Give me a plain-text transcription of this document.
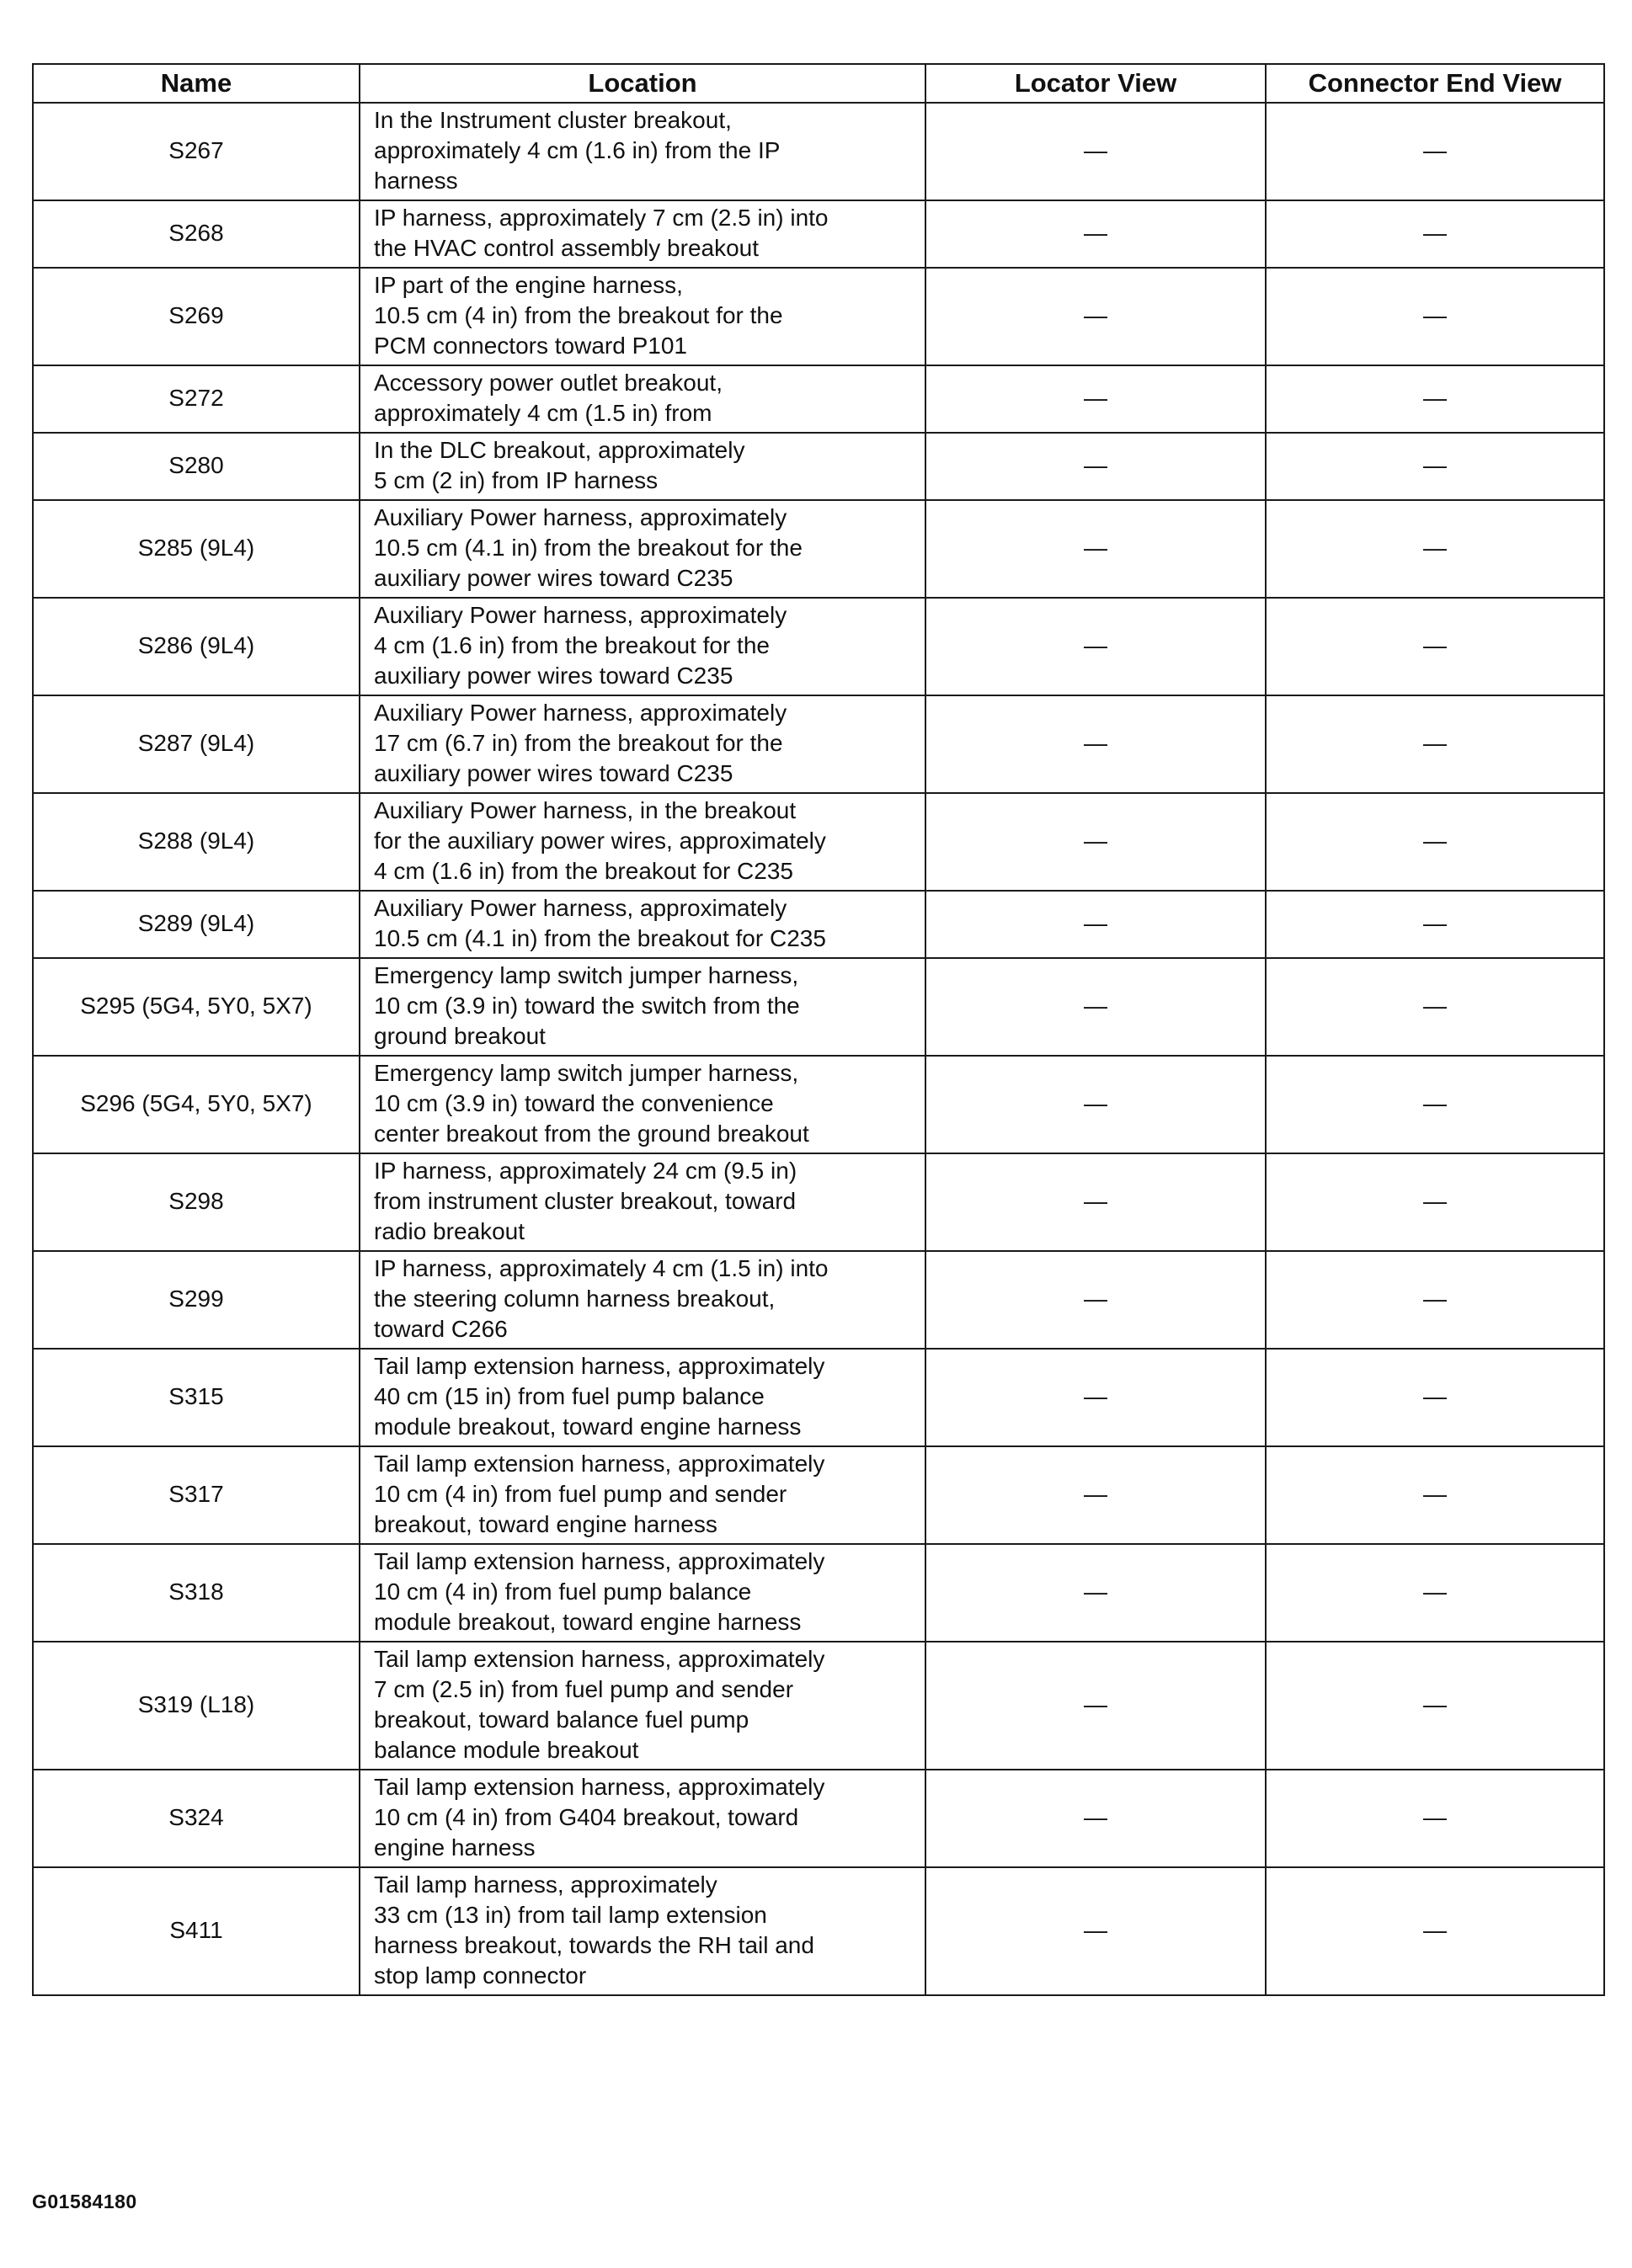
Name	Location	Locator View	Connector End View
S267	In the Instrument cluster breakout,
approximately 4 cm (1.6 in) from the IP
harness	—	—
S268	IP harness, approximately 7 cm (2.5 in) into
the HVAC control assembly breakout	—	—
S269	IP part of the engine harness,
10.5 cm (4 in) from the breakout for the
PCM connectors toward P101	—	—
S272	Accessory power outlet breakout,
approximately 4 cm (1.5 in) from	—	—
S280	In the DLC breakout, approximately
5 cm (2 in) from IP harness	—	—
S285 (9L4)	Auxiliary Power harness, approximately
10.5 cm (4.1 in) from the breakout for the
auxiliary power wires toward C235	—	—
S286 (9L4)	Auxiliary Power harness, approximately
4 cm (1.6 in) from the breakout for the
auxiliary power wires toward C235	—	—
S287 (9L4)	Auxiliary Power harness, approximately
17 cm (6.7 in) from the breakout for the
auxiliary power wires toward C235	—	—
S288 (9L4)	Auxiliary Power harness, in the breakout
for the auxiliary power wires, approximately
4 cm (1.6 in) from the breakout for C235	—	—
S289 (9L4)	Auxiliary Power harness, approximately
10.5 cm (4.1 in) from the breakout for C235	—	—
S295 (5G4, 5Y0, 5X7)	Emergency lamp switch jumper harness,
10 cm (3.9 in) toward the switch from the
ground breakout	—	—
S296 (5G4, 5Y0, 5X7)	Emergency lamp switch jumper harness,
10 cm (3.9 in) toward the convenience
center breakout from the ground breakout	—	—
S298	IP harness, approximately 24 cm (9.5 in)
from instrument cluster breakout, toward
radio breakout	—	—
S299	IP harness, approximately 4 cm (1.5 in) into
the steering column harness breakout,
toward C266	—	—
S315	Tail lamp extension harness, approximately
40 cm (15 in) from fuel pump balance
module breakout, toward engine harness	—	—
S317	Tail lamp extension harness, approximately
10 cm (4 in) from fuel pump and sender
breakout, toward engine harness	—	—
S318	Tail lamp extension harness, approximately
10 cm (4 in) from fuel pump balance
module breakout, toward engine harness	—	—
S319 (L18)	Tail lamp extension harness, approximately
7 cm (2.5 in) from fuel pump and sender
breakout, toward balance fuel pump
balance module breakout	—	—
S324	Tail lamp extension harness, approximately
10 cm (4 in) from G404 breakout, toward
engine harness	—	—
S411	Tail lamp harness, approximately
33 cm (13 in) from tail lamp extension
harness breakout, towards the RH tail and
stop lamp connector	—	—
G01584180
